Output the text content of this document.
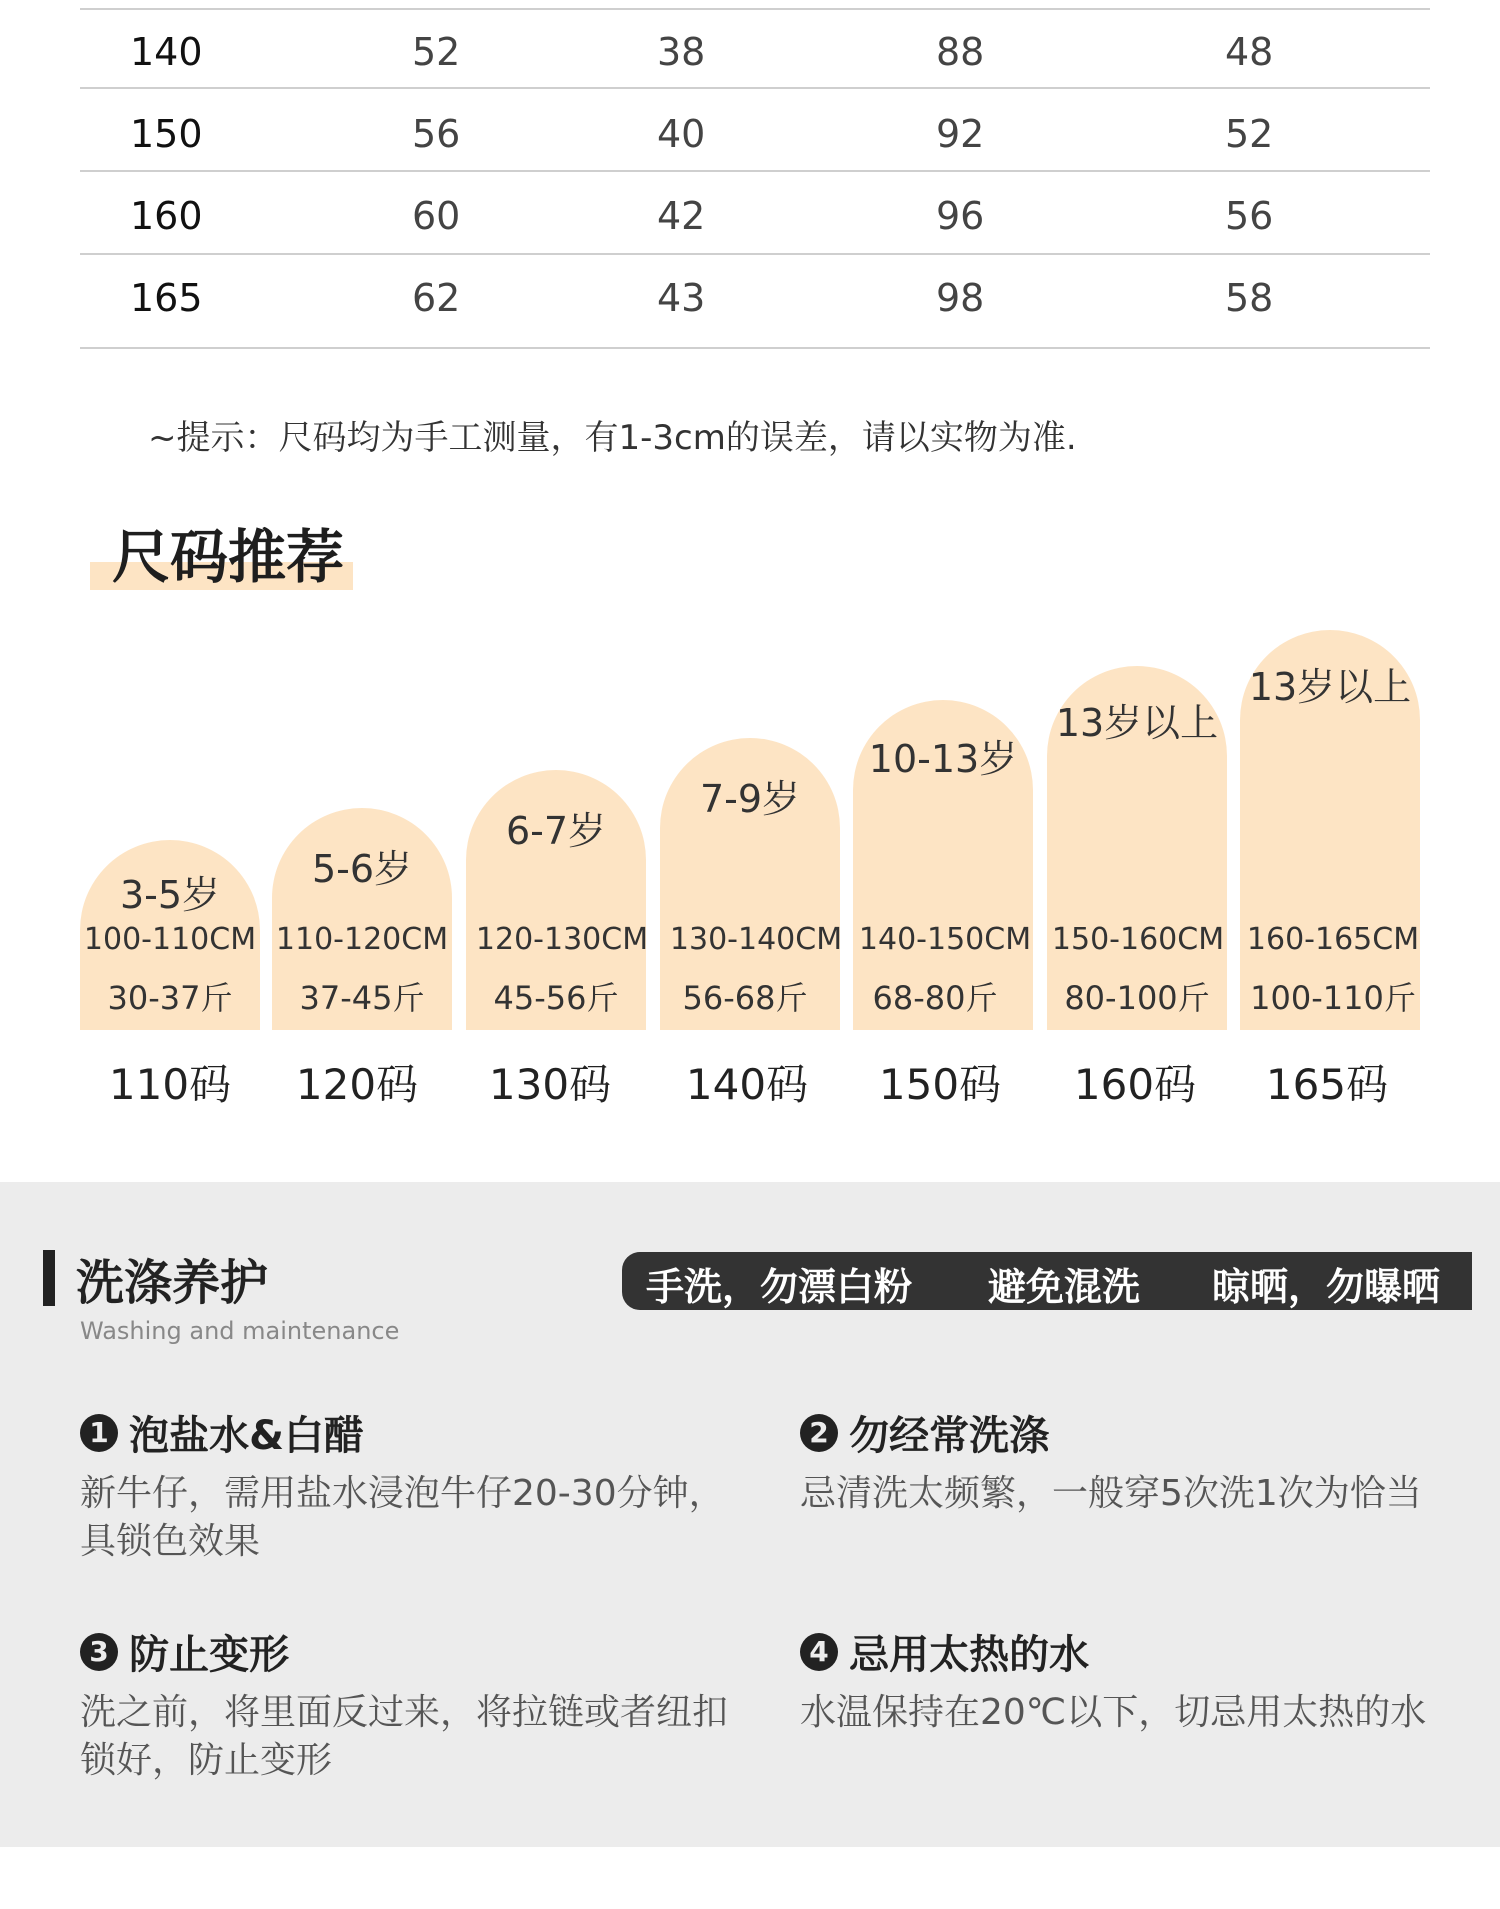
140	52	38	88	48
150	56	40	92	52
160	60	42	96	56
165	62	43	98	58
~提示：尺码均为手工测量，有1-3cm的误差，请以实物为准.
尺码推荐
3-5岁
100-110CM
30-37斤
110码
5-6岁
110-120CM
37-45斤
120码
6-7岁
120-130CM
45-56斤
130码
7-9岁
130-140CM
56-68斤
140码
10-13岁
140-150CM
68-80斤
150码
13岁以上
150-160CM
80-100斤
160码
13岁以上
160-165CM
100-110斤
165码
洗涤养护
Washing and maintenance
手洗，勿漂白粉 避免混洗 晾晒，勿曝晒
1 泡盐水&白醋
新牛仔，需用盐水浸泡牛仔20-30分钟，具锁色效果
2 勿经常洗涤
忌清洗太频繁，一般穿5次洗1次为恰当
3 防止变形
洗之前，将里面反过来，将拉链或者纽扣锁好，防止变形
4 忌用太热的水
水温保持在20℃以下，切忌用太热的水
